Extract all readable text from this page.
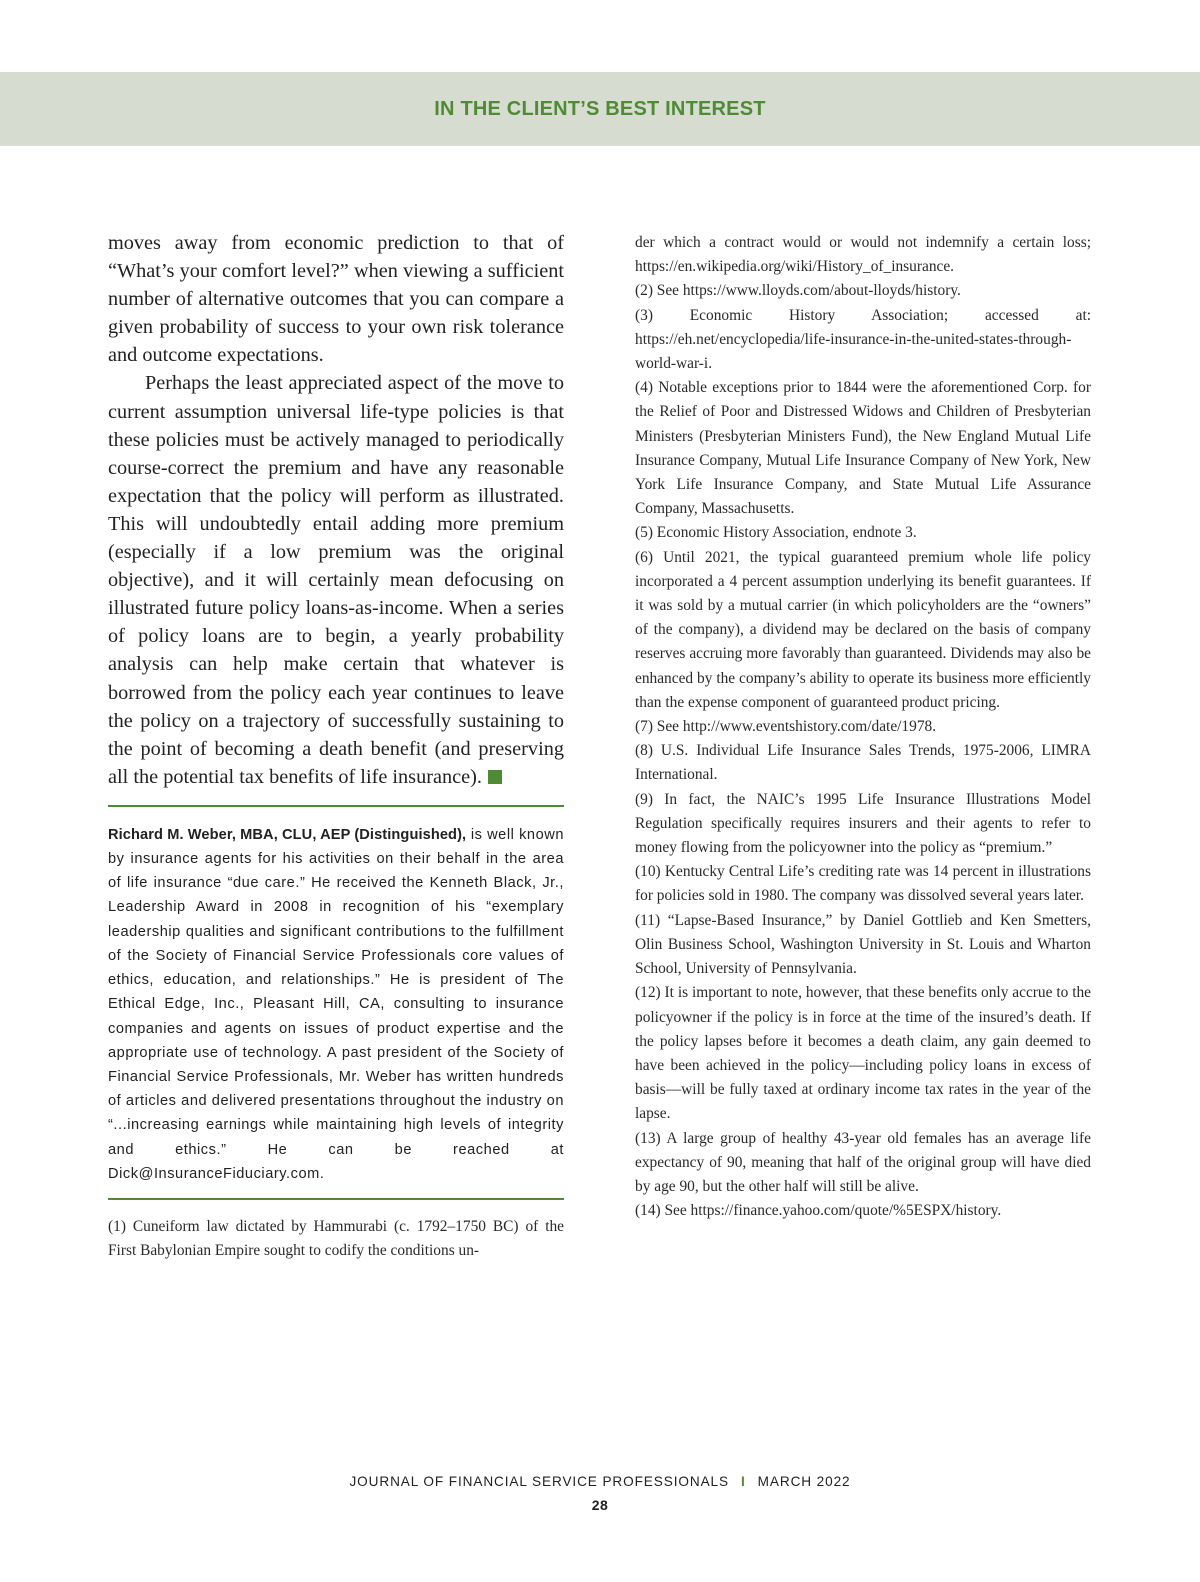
IN THE CLIENT’S BEST INTEREST

moves away from economic prediction to that of “What’s your comfort level?” when viewing a sufficient number of alternative outcomes that you can compare a given probability of success to your own risk tolerance and outcome expectations.

Perhaps the least appreciated aspect of the move to current assumption universal life-type policies is that these policies must be actively managed to periodically course-correct the premium and have any reasonable expectation that the policy will perform as illustrated. This will undoubtedly entail adding more premium (especially if a low premium was the original objective), and it will certainly mean defocusing on illustrated future policy loans-as-income. When a series of policy loans are to begin, a yearly probability analysis can help make certain that whatever is borrowed from the policy each year continues to leave the policy on a trajectory of successfully sustaining to the point of becoming a death benefit (and preserving all the potential tax benefits of life insurance).

Richard M. Weber, MBA, CLU, AEP (Distinguished), is well known by insurance agents for his activities on their behalf in the area of life insurance “due care.” He received the Kenneth Black, Jr., Leadership Award in 2008 in recognition of his “exemplary leadership qualities and significant contributions to the fulfillment of the Society of Financial Service Professionals core values of ethics, education, and relationships.” He is president of The Ethical Edge, Inc., Pleasant Hill, CA, consulting to insurance companies and agents on issues of product expertise and the appropriate use of technology. A past president of the Society of Financial Service Professionals, Mr. Weber has written hundreds of articles and delivered presentations throughout the industry on “...increasing earnings while maintaining high levels of integrity and ethics.” He can be reached at Dick@InsuranceFiduciary.com.

(1) Cuneiform law dictated by Hammurabi (c. 1792–1750 BC) of the First Babylonian Empire sought to codify the conditions un-

der which a contract would or would not indemnify a certain loss; https://en.wikipedia.org/wiki/History_of_insurance.

(2) See https://www.lloyds.com/about-lloyds/history.

(3) Economic History Association; accessed at: https://eh.net/encyclopedia/life-insurance-in-the-united-states-through-world-war-i.

(4) Notable exceptions prior to 1844 were the aforementioned Corp. for the Relief of Poor and Distressed Widows and Children of Presbyterian Ministers (Presbyterian Ministers Fund), the New England Mutual Life Insurance Company, Mutual Life Insurance Company of New York, New York Life Insurance Company, and State Mutual Life Assurance Company, Massachusetts.

(5) Economic History Association, endnote 3.

(6) Until 2021, the typical guaranteed premium whole life policy incorporated a 4 percent assumption underlying its benefit guarantees. If it was sold by a mutual carrier (in which policyholders are the “owners” of the company), a dividend may be declared on the basis of company reserves accruing more favorably than guaranteed. Dividends may also be enhanced by the company’s ability to operate its business more efficiently than the expense component of guaranteed product pricing.

(7) See http://www.eventshistory.com/date/1978.

(8) U.S. Individual Life Insurance Sales Trends, 1975-2006, LIMRA International.

(9) In fact, the NAIC’s 1995 Life Insurance Illustrations Model Regulation specifically requires insurers and their agents to refer to money flowing from the policyowner into the policy as “premium.”

(10) Kentucky Central Life’s crediting rate was 14 percent in illustrations for policies sold in 1980. The company was dissolved several years later.

(11) “Lapse-Based Insurance,” by Daniel Gottlieb and Ken Smetters, Olin Business School, Washington University in St. Louis and Wharton School, University of Pennsylvania.

(12) It is important to note, however, that these benefits only accrue to the policyowner if the policy is in force at the time of the insured’s death. If the policy lapses before it becomes a death claim, any gain deemed to have been achieved in the policy—including policy loans in excess of basis—will be fully taxed at ordinary income tax rates in the year of the lapse.

(13) A large group of healthy 43-year old females has an average life expectancy of 90, meaning that half of the original group will have died by age 90, but the other half will still be alive.

(14) See https://finance.yahoo.com/quote/%5ESPX/history.

JOURNAL OF FINANCIAL SERVICE PROFESSIONALS I MARCH 2022
28
